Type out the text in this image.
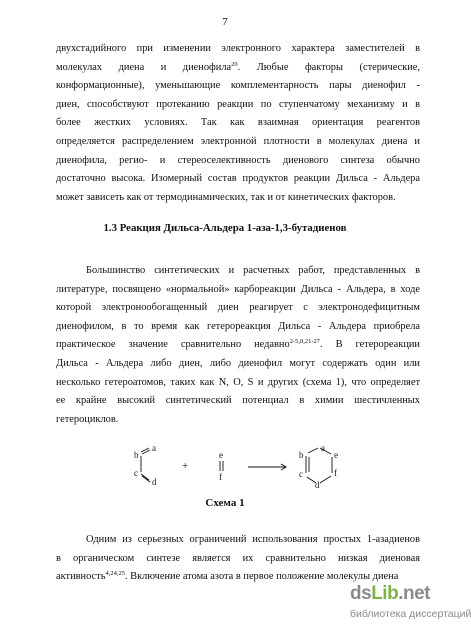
7
двухстадийного при изменении электронного характера заместителей в
молекулах диена и диенофила$^{20}$. Любые факторы (стерические,
конформационные), уменьшающие комплементарность пары диенофил -
диен, способствуют протеканию реакции по ступенчатому механизму и в
более жестких условиях. Так как взаимная ориентация реагентов
определяется распределением электронной плотности в молекулах диена и
диенофила, регио- и стереоселективность диенового синтеза обычно
достаточно высока. Изомерный состав продуктов реакции Дильса - Альдера
может зависеть как от термодинамических, так и от кинетических факторов.
1.3 Реакция Дильса-Альдера 1-аза-1,3-бутадиенов
Большинство синтетических и расчетных работ, представленных в
литературе, посвящено «нормальной» карбореакции Дильса - Альдера, в ходе
которой электронообогащенный диен реагирует с электронодефицитным
диенофилом, в то время как гетерореакция Дильса - Альдера приобрела
практическое значение сравнительно недавно$^{2-5,8,21-27}$. В гетерореакции
Дильса - Альдера либо диен, либо диенофил могут содержать один или
несколько гетероатомов, таких как N, O, S и других (схема 1), что определяет
ее крайне высокий синтетический потенциал в химии шестичленных
гетероциклов.
a
b
c
d
+
e
f
a
b
c
d
e
f
Схема 1
Одним из серьезных ограничений использования простых 1-азадиенов
в органическом синтезе является их сравнительно низкая диеновая
активность$^{4,24,25}$. Включение атома азота в первое положение молекулы диена
dsLib.net
библиотека диссертаций
